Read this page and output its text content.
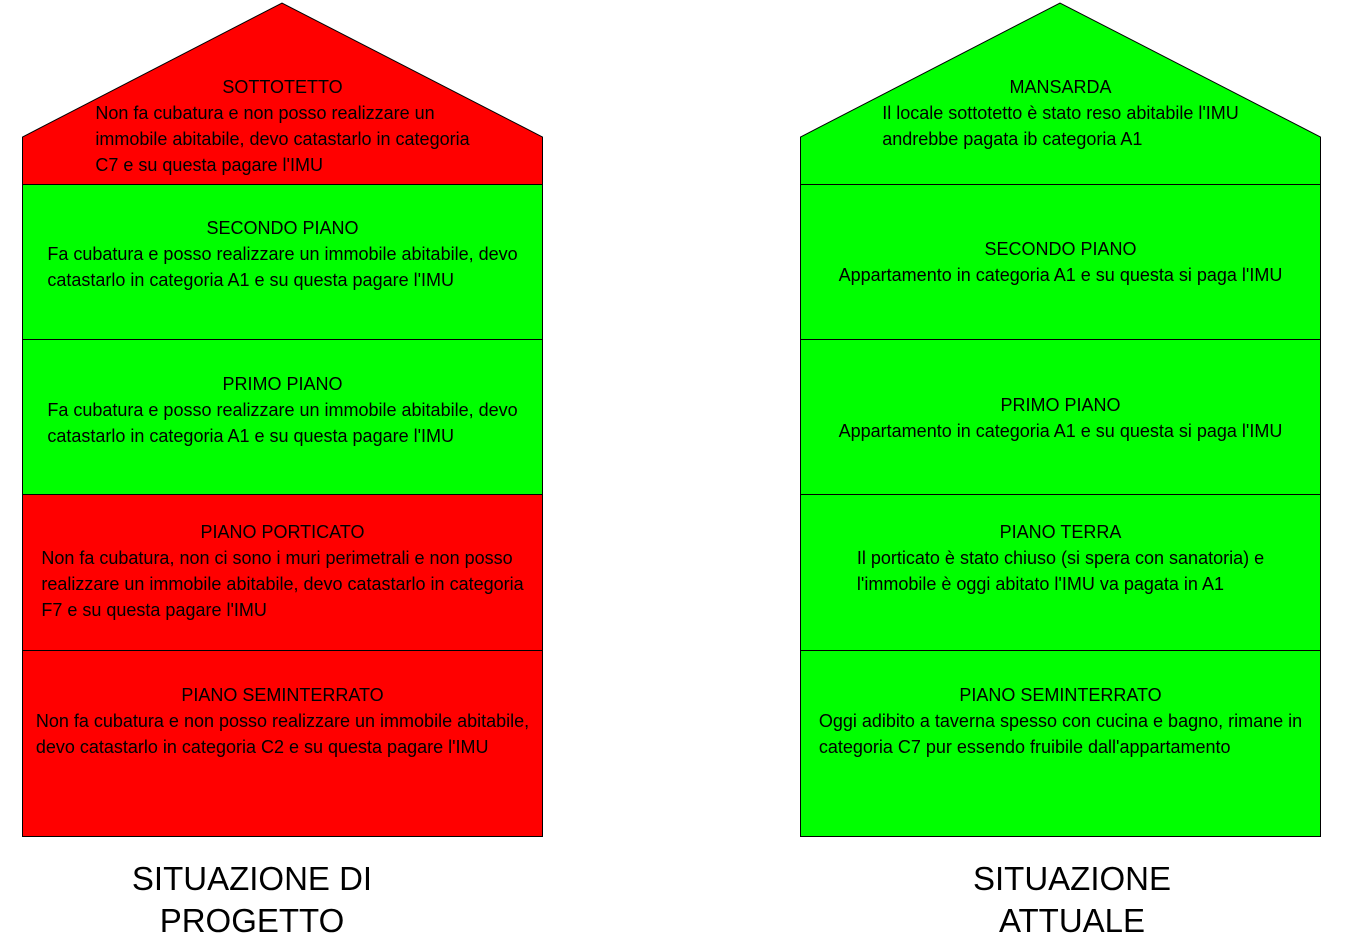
SOTTOTETTO
Non fa cubatura e non posso realizzare un
immobile abitabile, devo catastarlo in categoria
C7 e su questa pagare l'IMU
SECONDO PIANO
Fa cubatura e posso realizzare un immobile abitabile, devo
catastarlo in categoria A1 e su questa pagare l'IMU
PRIMO PIANO
Fa cubatura e posso realizzare un immobile abitabile, devo
catastarlo in categoria A1 e su questa pagare l'IMU
PIANO PORTICATO
Non fa cubatura, non ci sono i muri perimetrali e non posso
realizzare un immobile abitabile, devo catastarlo in categoria
F7 e su questa pagare l'IMU
PIANO SEMINTERRATO
Non fa cubatura e non posso realizzare un immobile abitabile,
devo catastarlo in categoria C2 e su questa pagare l'IMU
SITUAZIONE DI
PROGETTO
MANSARDA
Il locale sottotetto è stato reso abitabile l'IMU
andrebbe pagata ib categoria A1
SECONDO PIANO
Appartamento in categoria A1 e su questa si paga l'IMU
PRIMO PIANO
Appartamento in categoria A1 e su questa si paga l'IMU
PIANO TERRA
Il porticato è stato chiuso (si spera con sanatoria) e
l'immobile è oggi abitato l'IMU va pagata in A1
PIANO SEMINTERRATO
Oggi adibito a taverna spesso con cucina e bagno, rimane in
categoria C7 pur essendo fruibile dall'appartamento
SITUAZIONE
ATTUALE
